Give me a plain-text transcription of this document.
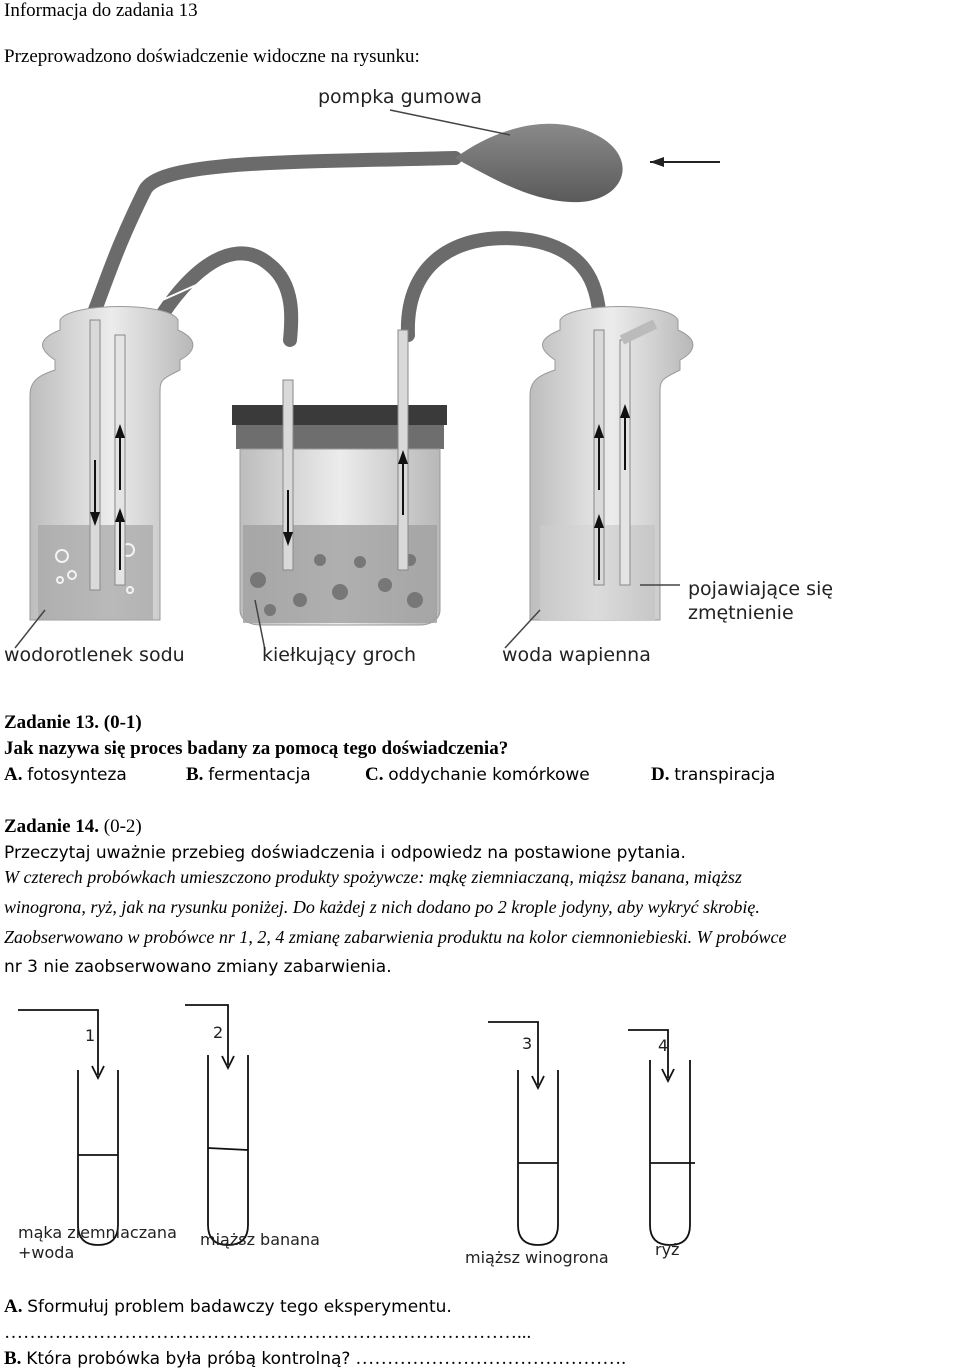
Informacja do zadania 13
Przeprowadzono doświadczenie widoczne na rysunku:
pompka gumowa
wodorotlenek sodu	kiełkujący groch	woda wapienna
pojawiające się
zmętnienie
Zadanie 13. (0-1)
Jak nazywa się proces badany za pomocą tego doświadczenia?
A. fotosynteza	B. fermentacja	C. oddychanie komórkowe	D. transpiracja
Zadanie 14. (0-2)
Przeczytaj uważnie przebieg doświadczenia i odpowiedz na postawione pytania.
W czterech probówkach umieszczono produkty spożywcze: mąkę ziemniaczaną, miąższ banana, miąższ
winogrona, ryż, jak na rysunku poniżej. Do każdej z nich dodano po 2 krople jodyny, aby wykryć skrobię.
Zaobserwowano w probówce nr 1, 2, 4 zmianę zabarwienia produktu na kolor ciemnoniebieski. W probówce
nr 3 nie zaobserwowano zmiany zabarwienia.
1	2
3	4
mąka ziemniaczana
+woda
miąższ banana
miąższ winogrona	ryż
A. Sformułuj problem badawczy tego eksperymentu.
………………………………………………………………………...
B. Która probówka była próbą kontrolną? …………………………………….
